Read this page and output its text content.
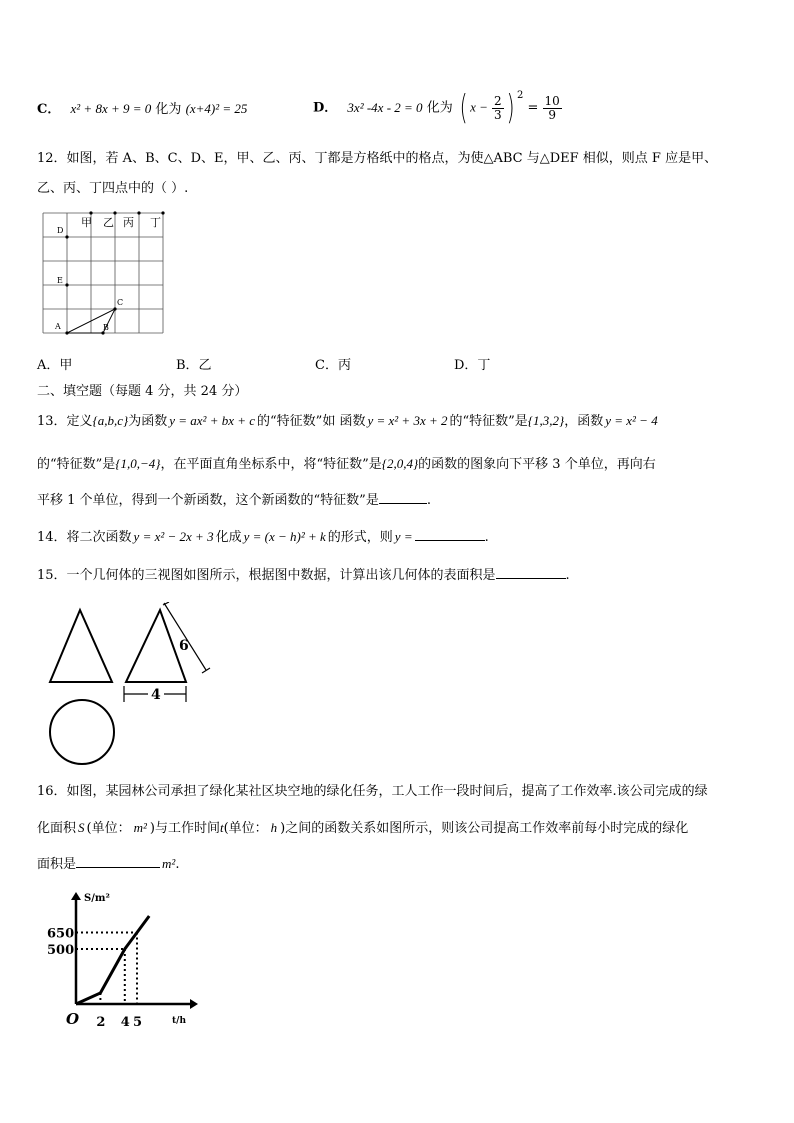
C． x² + 8x + 9 = 0 化为 (x+4)² = 25	D． 3x² -4x - 2 = 0 化为 ( $x - \frac{2}{3}$ ) $^2 = \frac{10}{9}$
12．如图，若 A、B、C、D、E，甲、乙、丙、丁都是方格纸中的格点，为使△ABC 与△DEF 相似，则点 F 应是甲、
乙、丙、丁四点中的（ ）.
甲 乙 丙 丁
D
E
C
A	B
A．甲	B．乙	C．丙	D．丁
二、填空题（每题 4 分，共 24 分）
13．定义{a,b,c}为函数 y = ax² + bx + c 的“特征数”如 函数 y = x² + 3x + 2 的“特征数”是{1,3,2}，函数 y = x² − 4
的“特征数”是{1,0,−4}，在平面直角坐标系中，将“特征数”是{2,0,4}的函数的图象向下平移 3 个单位，再向右
平移 1 个单位，得到一个新函数，这个新函数的“特征数”是	.
14．将二次函数 y = x² − 2x + 3 化成 y = (x − h)² + k 的形式，则 y =	.
15．一个几何体的三视图如图所示，根据图中数据，计算出该几何体的表面积是	.
6
4
16．如图，某园林公司承担了绿化某社区块空地的绿化任务，工人工作一段时间后，提高了工作效率.该公司完成的绿
化面积 S (单位： m² )与工作时间t(单位： h )之间的函数关系如图所示，则该公司提高工作效率前每小时完成的绿化
面积是	m².
S/m²
t/h
O 2 4 5
500
650
